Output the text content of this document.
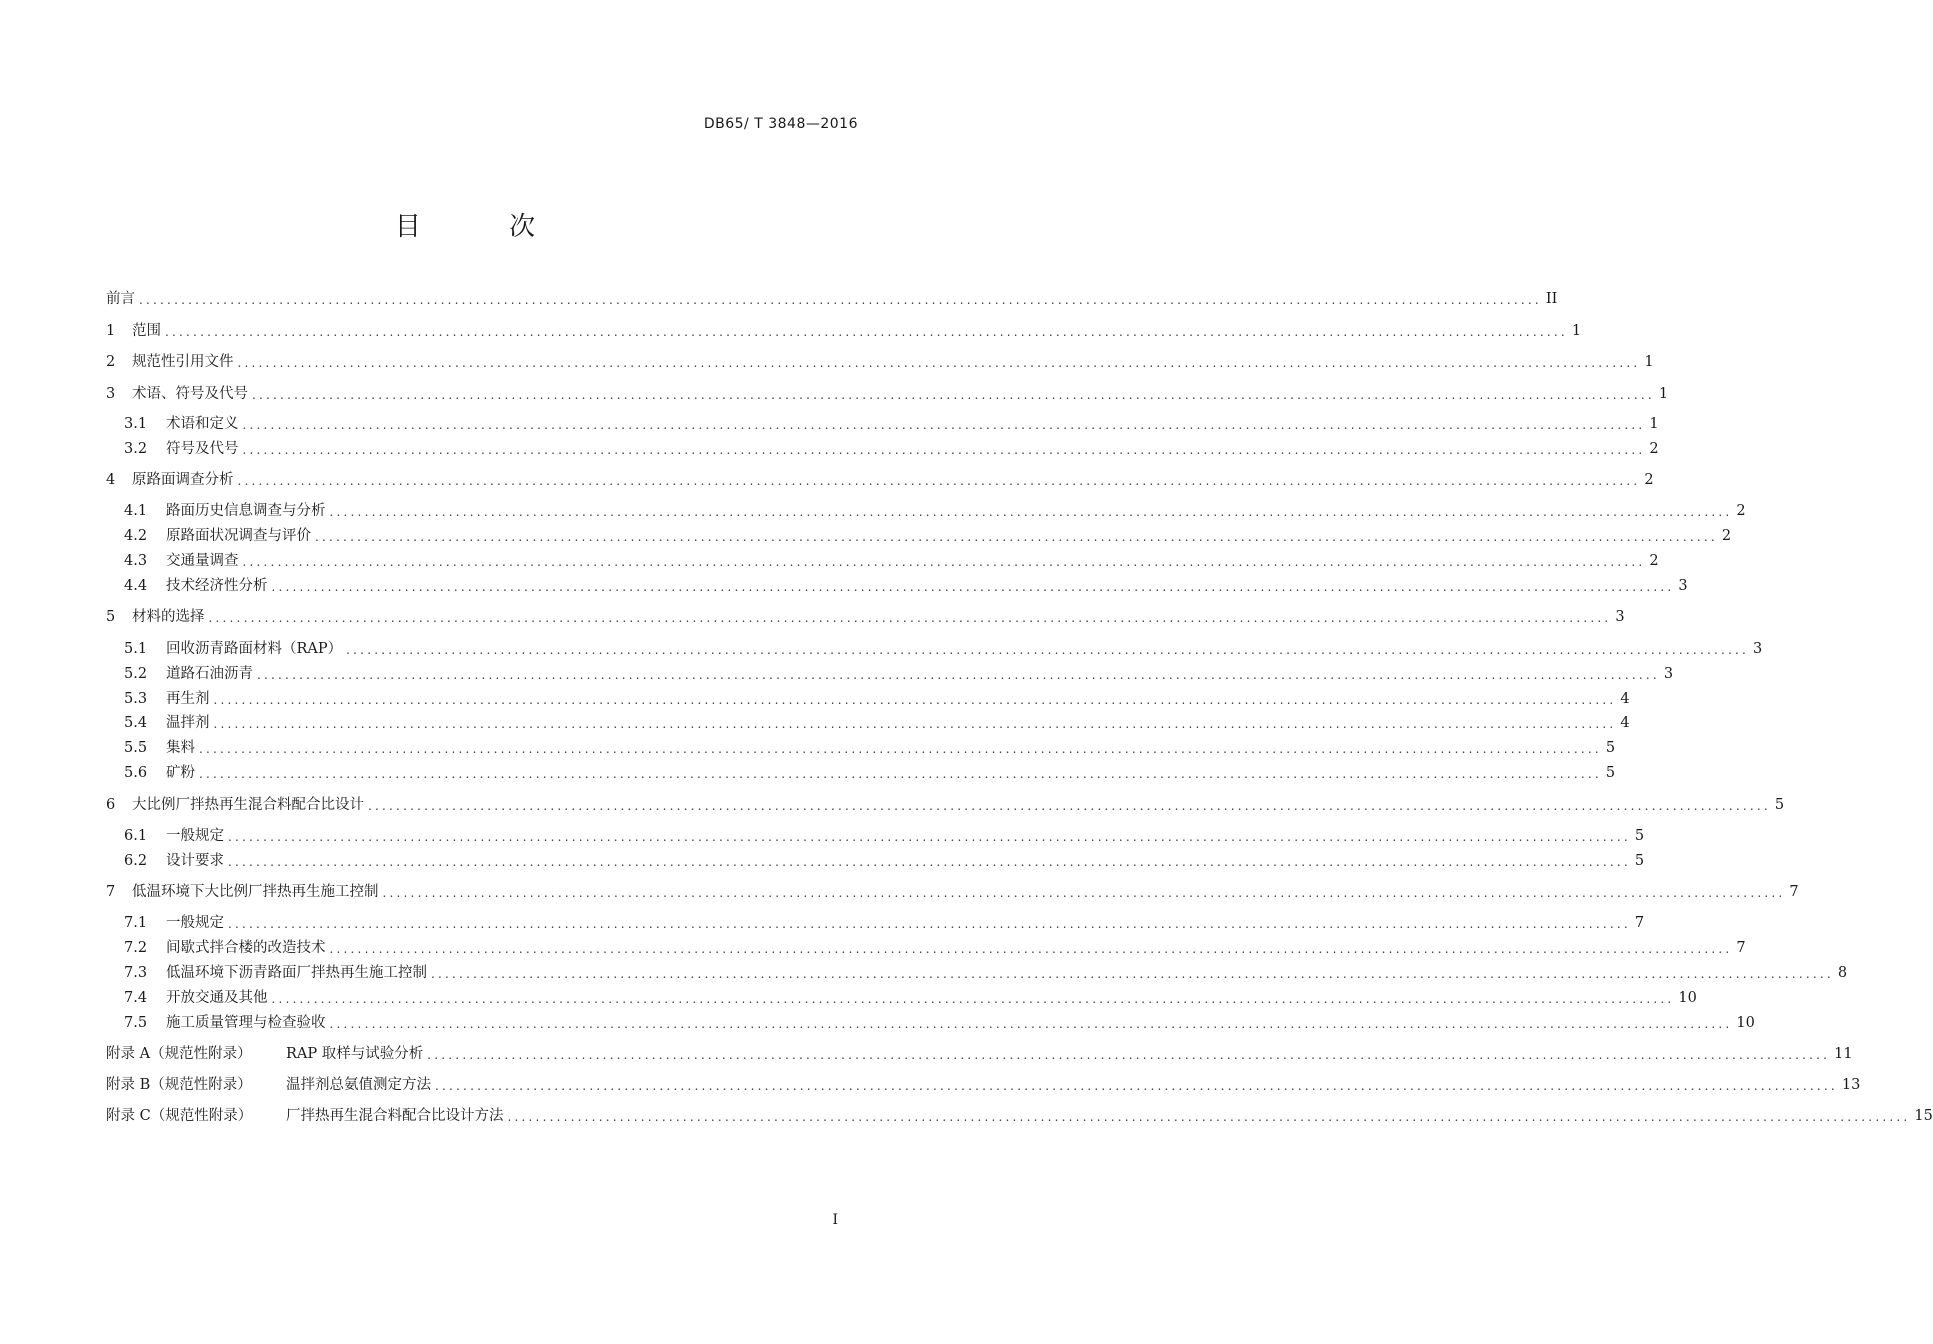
DB65/ T 3848—2016
目 次
前言 ........................................................................................................................................................................................................ II
1	范围 ........................................................................................................................................................................................................ 1
2	规范性引用文件 ........................................................................................................................................................................................................ 1
3	术语、符号及代号 ........................................................................................................................................................................................................ 1
3.1	术语和定义 ........................................................................................................................................................................................................ 1
3.2	符号及代号 ........................................................................................................................................................................................................ 2
4	原路面调查分析 ........................................................................................................................................................................................................ 2
4.1	路面历史信息调查与分析 ........................................................................................................................................................................................................ 2
4.2	原路面状况调查与评价 ........................................................................................................................................................................................................ 2
4.3	交通量调查 ........................................................................................................................................................................................................ 2
4.4	技术经济性分析 ........................................................................................................................................................................................................ 3
5	材料的选择 ........................................................................................................................................................................................................ 3
5.1	回收沥青路面材料（RAP） ........................................................................................................................................................................................................ 3
5.2	道路石油沥青 ........................................................................................................................................................................................................ 3
5.3	再生剂 ........................................................................................................................................................................................................ 4
5.4	温拌剂 ........................................................................................................................................................................................................ 4
5.5	集料 ........................................................................................................................................................................................................ 5
5.6	矿粉 ........................................................................................................................................................................................................ 5
6	大比例厂拌热再生混合料配合比设计 ........................................................................................................................................................................................................ 5
6.1	一般规定 ........................................................................................................................................................................................................ 5
6.2	设计要求 ........................................................................................................................................................................................................ 5
7	低温环境下大比例厂拌热再生施工控制 ........................................................................................................................................................................................................ 7
7.1	一般规定 ........................................................................................................................................................................................................ 7
7.2	间歇式拌合楼的改造技术 ........................................................................................................................................................................................................ 7
7.3	低温环境下沥青路面厂拌热再生施工控制 ........................................................................................................................................................................................................ 8
7.4	开放交通及其他 ........................................................................................................................................................................................................ 10
7.5	施工质量管理与检查验收 ........................................................................................................................................................................................................ 10
附录 A（规范性附录）	RAP 取样与试验分析 ........................................................................................................................................................................................................ 11
附录 B（规范性附录）	温拌剂总氨值测定方法 ........................................................................................................................................................................................................ 13
附录 C（规范性附录）	厂拌热再生混合料配合比设计方法 ........................................................................................................................................................................................................ 15
I
